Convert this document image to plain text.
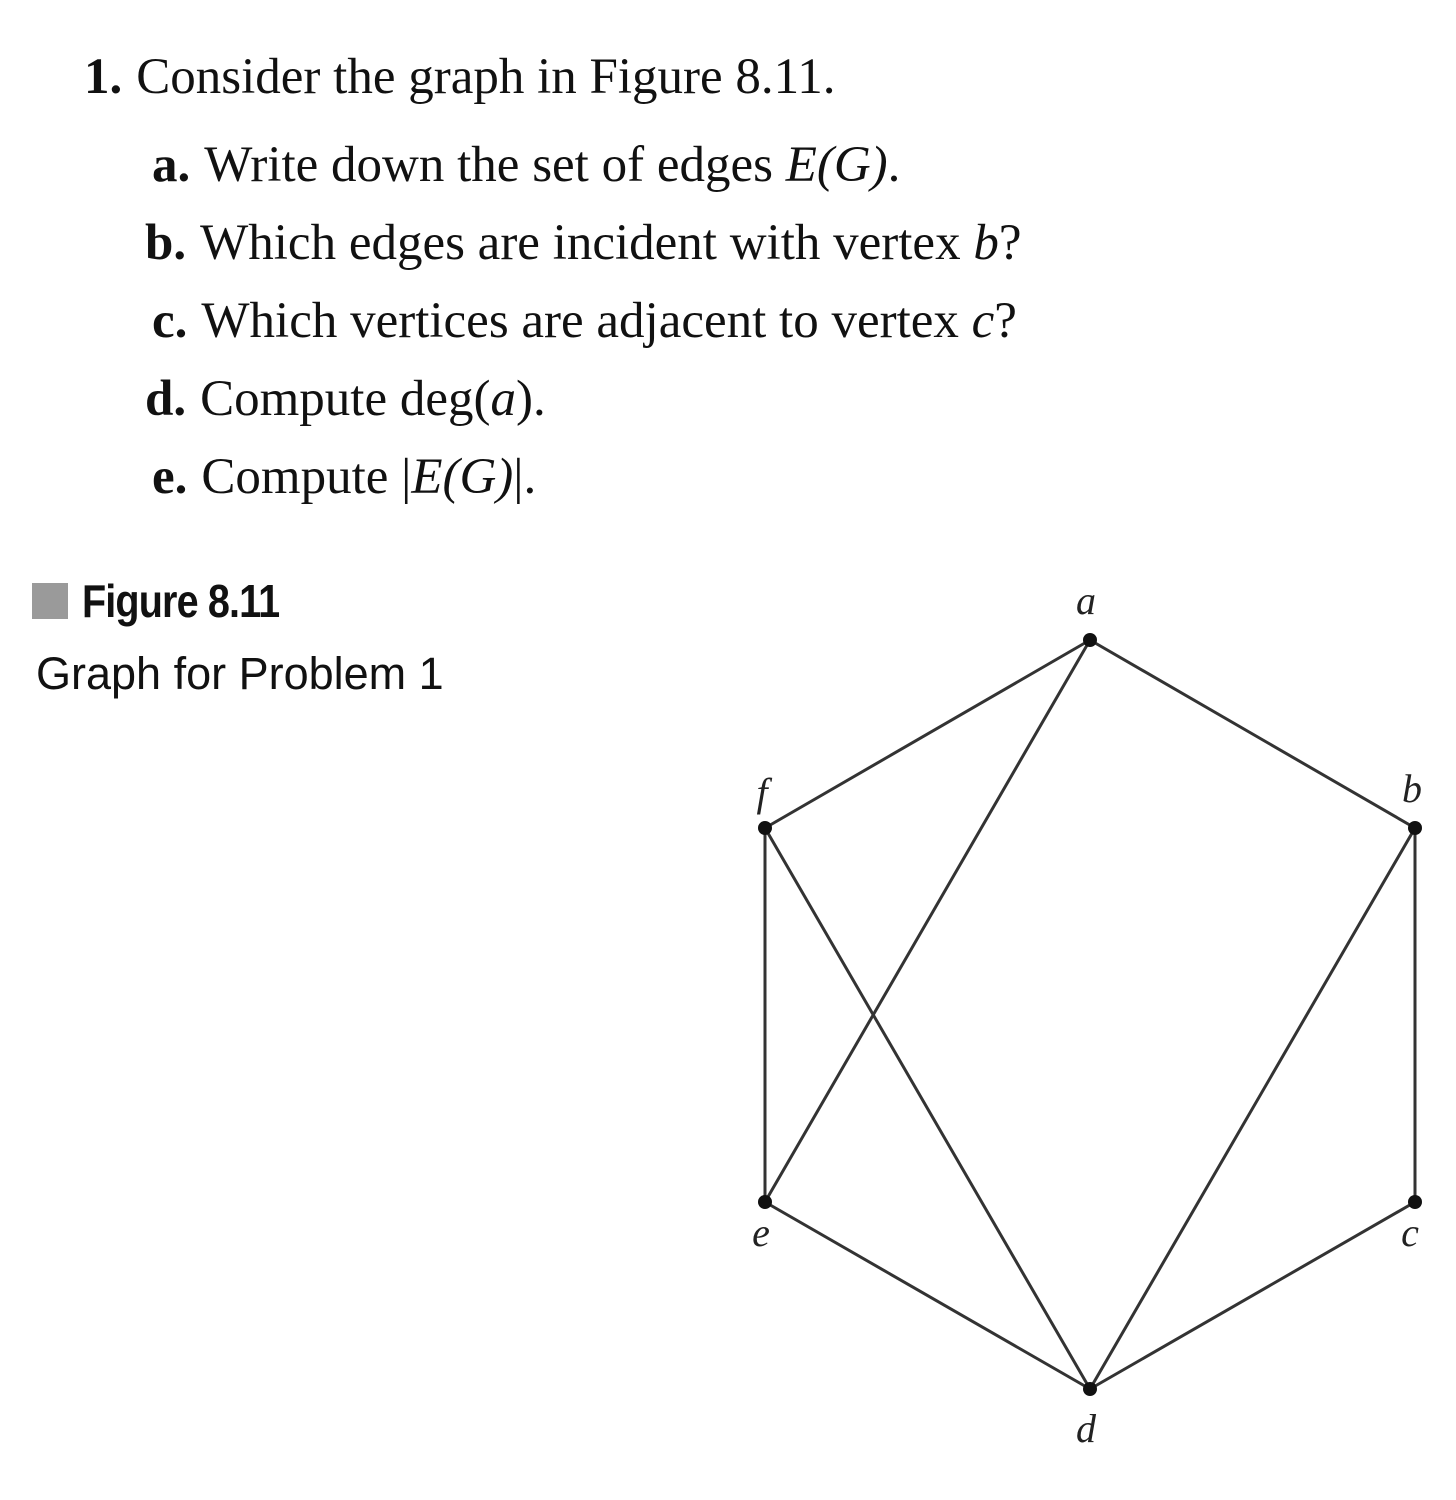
1. Consider the graph in Figure 8.11.
a. Write down the set of edges E(G).
b. Which edges are incident with vertex b?
c. Which vertices are adjacent to vertex c?
d. Compute deg(a).
e. Compute |E(G)|.
Figure 8.11
Graph for Problem 1
a
b
c
d
e
f
